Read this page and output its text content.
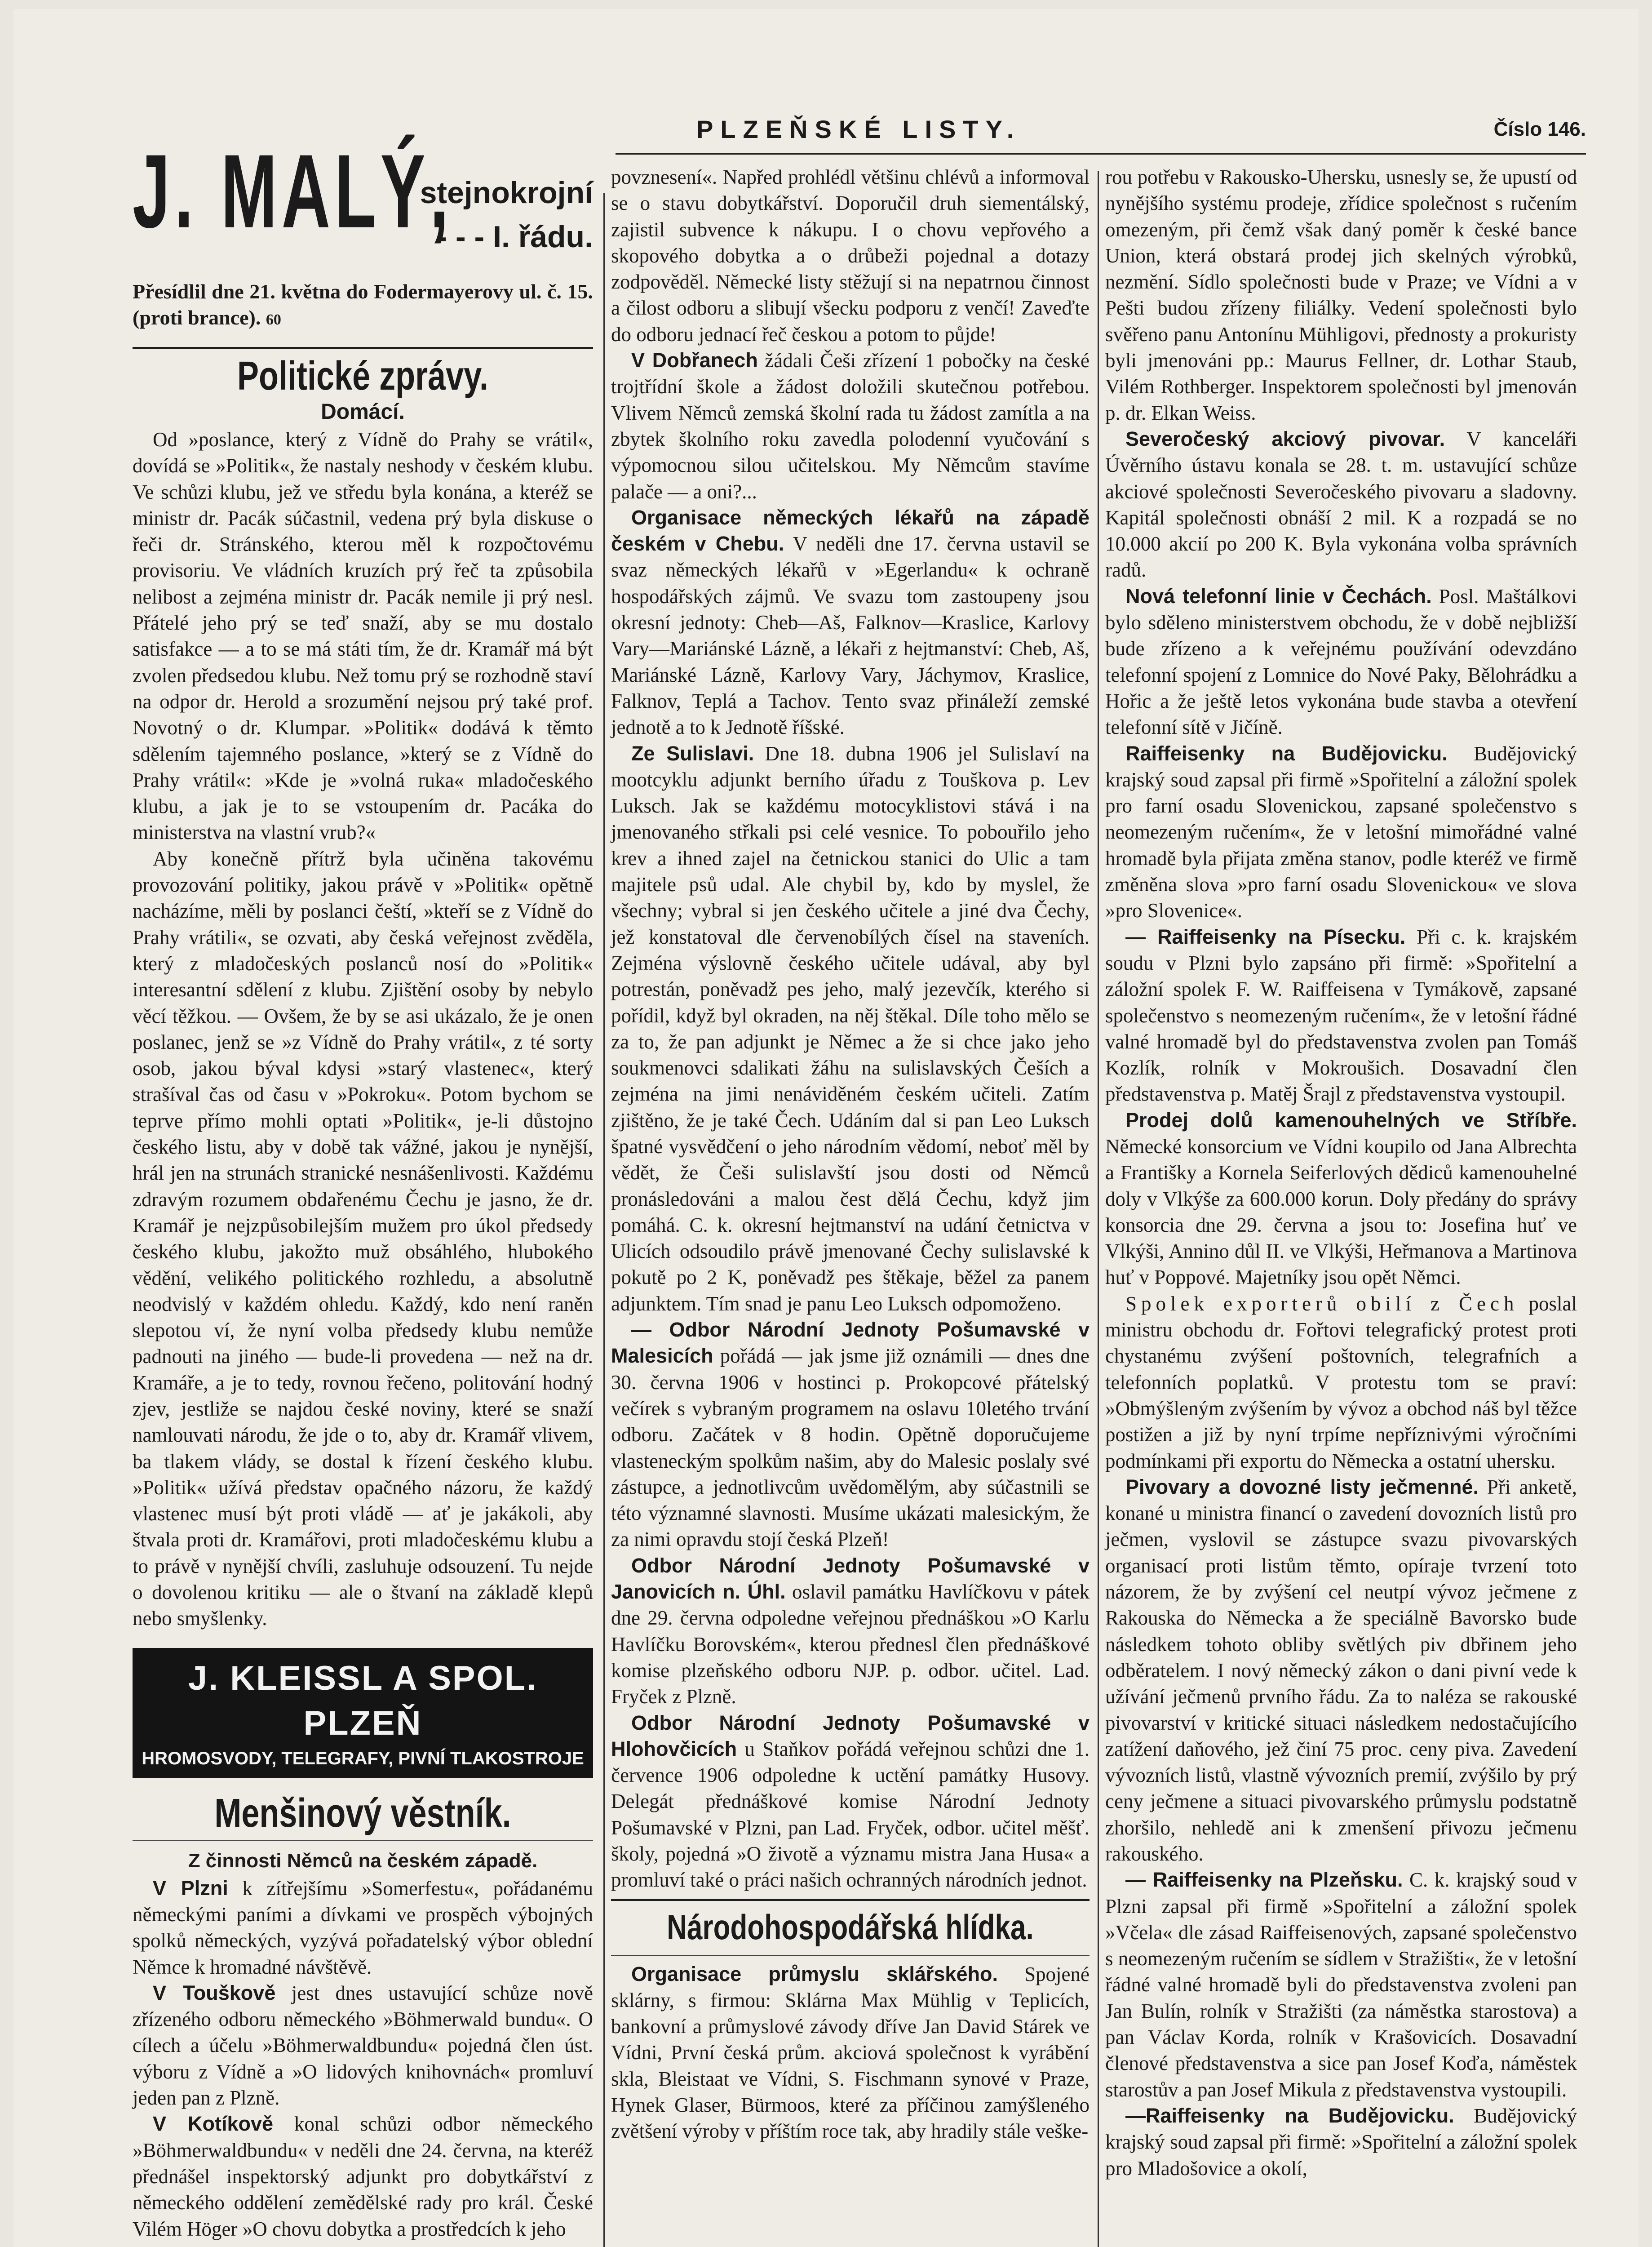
PLZEŇSKÉ LISTY.	Číslo 146.
J. MALÝ,
stejnokrojní
- - - I. řádu.
Přesídlil dne 21. května do Fodermayerovy ul. č. 15. (proti brance). 60
Politické zprávy.
Domácí.

Od »poslance, který z Vídně do Prahy se vrátil«, dovídá se »Politik«, že nastaly neshody v českém klubu. Ve schůzi klubu, jež ve středu byla konána, a kteréž se ministr dr. Pacák súčastnil, vedena prý byla diskuse o řeči dr. Stránského, kterou měl k rozpočtovému provisoriu. Ve vládních kruzích prý řeč ta způsobila nelibost a zejména ministr dr. Pacák nemile ji prý nesl. Přátelé jeho prý se teď snaží, aby se mu dostalo satisfakce — a to se má státi tím, že dr. Kramář má být zvolen předsedou klubu. Než tomu prý se rozhodně staví na odpor dr. Herold a srozumění nejsou prý také prof. Novotný o dr. Klumpar. »Politik« dodává k těmto sdělením tajemného poslance, »který se z Vídně do Prahy vrátil«: »Kde je »volná ruka« mladočeského klubu, a jak je to se vstoupením dr. Pacáka do ministerstva na vlastní vrub?«

Aby konečně přítrž byla učiněna takovému provozování politiky, jakou právě v »Politik« opětně nacházíme, měli by poslanci čeští, »kteří se z Vídně do Prahy vrátili«, se ozvati, aby česká veřejnost zvěděla, který z mladočeských poslanců nosí do »Politik« interesantní sdělení z klubu. Zjištění osoby by nebylo věcí těžkou. — Ovšem, že by se asi ukázalo, že je onen poslanec, jenž se »z Vídně do Prahy vrátil«, z té sorty osob, jakou býval kdysi »starý vlastenec«, který strašíval čas od času v »Pokroku«. Potom bychom se teprve přímo mohli optati »Politik«, je-li důstojno českého listu, aby v době tak vážné, jakou je nynější, hrál jen na strunách stranické nesnášenlivosti. Každému zdravým rozumem obdařenému Čechu je jasno, že dr. Kramář je nejzpůsobilejším mužem pro úkol předsedy českého klubu, jakožto muž obsáhlého, hlubokého vědění, velikého politického rozhledu, a absolutně neodvislý v každém ohledu. Každý, kdo není raněn slepotou ví, že nyní volba předsedy klubu nemůže padnouti na jiného — bude-li provedena — než na dr. Kramáře, a je to tedy, rovnou řečeno, politování hodný zjev, jestliže se najdou české noviny, které se snaží namlouvati národu, že jde o to, aby dr. Kramář vlivem, ba tlakem vlády, se dostal k řízení českého klubu. »Politik« užívá představ opačného názoru, že každý vlastenec musí být proti vládě — ať je jakákoli, aby štvala proti dr. Kramářovi, proti mladočeskému klubu a to právě v nynější chvíli, zasluhuje odsouzení. Tu nejde o dovolenou kritiku — ale o štvaní na základě klepů nebo smyšlenky.

J. KLEISSL A SPOL. PLZEŇ
HROMOSVODY, TELEGRAFY, PIVNÍ TLAKOSTROJE
Menšinový věstník.
Z činnosti Němců na českém západě.

V Plzni k zítřejšímu »Somerfestu«, pořádanému německými paními a dívkami ve prospěch výbojných spolků německých, vyzývá pořadatelský výbor oblední Němce k hromadné návštěvě.

V Touškově jest dnes ustavující schůze nově zřízeného odboru německého »Böhmerwald bundu«. O cílech a účelu »Böhmerwaldbundu« pojedná člen úst. výboru z Vídně a »O lidových knihovnách« promluví jeden pan z Plzně.

V Kotíkově konal schůzi odbor německého »Böhmerwaldbundu« v neděli dne 24. června, na kteréž přednášel inspektorský adjunkt pro dobytkářství z německého oddělení zemědělské rady pro král. České Vilém Höger »O chovu dobytka a prostředcích k jeho

povznesení«. Napřed prohlédl většinu chlévů a informoval se o stavu dobytkářství. Doporučil druh siementálský, zajistil subvence k nákupu. I o chovu vepřového a skopového dobytka a o drůbeži pojednal a dotazy zodpověděl. Německé listy stěžují si na nepatrnou činnost a čilost odboru a slibují všecku podporu z venčí! Zaveďte do odboru jednací řeč českou a potom to půjde!

V Dobřanech žádali Češi zřízení 1 pobočky na české trojtřídní škole a žádost doložili skutečnou potřebou. Vlivem Němců zemská školní rada tu žádost zamítla a na zbytek školního roku zavedla polodenní vyučování s výpomocnou silou učitelskou. My Němcům stavíme palače — a oni?...

Organisace německých lékařů na západě českém v Chebu. V neděli dne 17. června ustavil se svaz německých lékařů v »Egerlandu« k ochraně hospodářských zájmů. Ve svazu tom zastoupeny jsou okresní jednoty: Cheb—Aš, Falknov—Kraslice, Karlovy Vary—Mariánské Lázně, a lékaři z hejtmanství: Cheb, Aš, Mariánské Lázně, Karlovy Vary, Jáchymov, Kraslice, Falknov, Teplá a Tachov. Tento svaz přináleží zemské jednotě a to k Jednotě říšské.

Ze Sulislavi. Dne 18. dubna 1906 jel Sulislaví na mootcyklu adjunkt berního úřadu z Touškova p. Lev Luksch. Jak se každému motocyklistovi stává i na jmenovaného střkali psi celé vesnice. To pobouřilo jeho krev a ihned zajel na četnickou stanici do Ulic a tam majitele psů udal. Ale chybil by, kdo by myslel, že všechny; vybral si jen českého učitele a jiné dva Čechy, jež konstatoval dle červenobílých čísel na staveních. Zejména výslovně českého učitele udával, aby byl potrestán, poněvadž pes jeho, malý jezevčík, kterého si pořídil, když byl okraden, na něj štěkal. Díle toho mělo se za to, že pan adjunkt je Němec a že si chce jako jeho soukmenovci sdalikati žáhu na sulislavských Češích a zejména na jimi nenáviděném českém učiteli. Zatím zjištěno, že je také Čech. Udáním dal si pan Leo Luksch špatné vysvědčení o jeho národním vědomí, neboť měl by vědět, že Češi sulislavští jsou dosti od Němců pronásledováni a malou čest dělá Čechu, když jim pomáhá. C. k. okresní hejtmanství na udání četnictva v Ulicích odsoudilo právě jmenované Čechy sulislavské k pokutě po 2 K, poněvadž pes štěkaje, běžel za panem adjunktem. Tím snad je panu Leo Luksch odpomoženo.

— Odbor Národní Jednoty Pošumavské v Malesicích pořádá — jak jsme již oznámili — dnes dne 30. června 1906 v hostinci p. Prokopcové přátelský večírek s vybraným programem na oslavu 10letého trvání odboru. Začátek v 8 hodin. Opětně doporučujeme vlasteneckým spolkům našim, aby do Malesic poslaly své zástupce, a jednotlivcům uvědomělým, aby súčastnili se této významné slavnosti. Musíme ukázati malesickým, že za nimi opravdu stojí česká Plzeň!

Odbor Národní Jednoty Pošumavské v Janovicích n. Úhl. oslavil památku Havlíčkovu v pátek dne 29. června odpoledne veřejnou přednáškou »O Karlu Havlíčku Borovském«, kterou přednesl člen přednáškové komise plzeňského odboru NJP. p. odbor. učitel. Lad. Fryček z Plzně.

Odbor Národní Jednoty Pošumavské v Hlohovčicích u Staňkov pořádá veřejnou schůzi dne 1. července 1906 odpoledne k uctění památky Husovy. Delegát přednáškové komise Národní Jednoty Pošumavské v Plzni, pan Lad. Fryček, odbor. učitel měšť. školy, pojedná »O životě a významu mistra Jana Husa« a promluví také o práci našich ochranných národních jednot.

Národohospodářská hlídka.

Organisace průmyslu sklářského. Spojené sklárny, s firmou: Sklárna Max Mühlig v Teplicích, bankovní a průmyslové závody dříve Jan David Stárek ve Vídni, První česká prům. akciová společnost k vyrábění skla, Bleistaat ve Vídni, S. Fischmann synové v Praze, Hynek Glaser, Bürmoos, které za příčinou zamýšleného zvětšení výroby v příštím roce tak, aby hradily stále veške-

rou potřebu v Rakousko-Uhersku, usnesly se, že upustí od nynějšího systému prodeje, zřídice společnost s ručením omezeným, při čemž však daný poměr k české bance Union, která obstará prodej jich skelných výrobků, nezmění. Sídlo společnosti bude v Praze; ve Vídni a v Pešti budou zřízeny filiálky. Vedení společnosti bylo svěřeno panu Antonínu Mühligovi, přednosty a prokuristy byli jmenováni pp.: Maurus Fellner, dr. Lothar Staub, Vilém Rothberger. Inspektorem společnosti byl jmenován p. dr. Elkan Weiss.

Severočeský akciový pivovar. V kanceláři Úvěrního ústavu konala se 28. t. m. ustavující schůze akciové společnosti Severočeského pivovaru a sladovny. Kapitál společnosti obnáší 2 mil. K a rozpadá se no 10.000 akcií po 200 K. Byla vykonána volba správních radů.

Nová telefonní linie v Čechách. Posl. Maštálkovi bylo sděleno ministerstvem obchodu, že v době nejbližší bude zřízeno a k veřejnému používání odevzdáno telefonní spojení z Lomnice do Nové Paky, Bělohrádku a Hořic a že ještě letos vykonána bude stavba a otevření telefonní sítě v Jičíně.

Raiffeisenky na Budějovicku. Budějovický krajský soud zapsal při firmě »Spořitelní a záložní spolek pro farní osadu Slovenickou, zapsané společenstvo s neomezeným ručením«, že v letošní mimořádné valné hromadě byla přijata změna stanov, podle kteréž ve firmě změněna slova »pro farní osadu Slovenickou« ve slova »pro Slovenice«.

— Raiffeisenky na Písecku. Při c. k. krajském soudu v Plzni bylo zapsáno při firmě: »Spořitelní a záložní spolek F. W. Raiffeisena v Tymákově, zapsané společenstvo s neomezeným ručením«, že v letošní řádné valné hromadě byl do představenstva zvolen pan Tomáš Kozlík, rolník v Mokroušich. Dosavadní člen představenstva p. Matěj Šrajl z představenstva vystoupil.

Prodej dolů kamenouhelných ve Stříbře. Německé konsorcium ve Vídni koupilo od Jana Albrechta a Františky a Kornela Seiferlových dědiců kamenouhelné doly v Vlkýše za 600.000 korun. Doly předány do správy konsorcia dne 29. června a jsou to: Josefina huť ve Vlkýši, Annino důl II. ve Vlkýši, Heřmanova a Martinova huť v Poppové. Majetníky jsou opět Němci.

Spolek exporterů obilí z Čech poslal ministru obchodu dr. Fořtovi telegrafický protest proti chystanému zvýšení poštovních, telegrafních a telefonních poplatků. V protestu tom se praví: »Obmýšleným zvýšením by vývoz a obchod náš byl těžce postižen a již by nyní trpíme nepříznivými výročními podmínkami při exportu do Německa a ostatní uhersku.

Pivovary a dovozné listy ječmenné. Při anketě, konané u ministra financí o zavedení dovozních listů pro ječmen, vyslovil se zástupce svazu pivovarských organisací proti listům těmto, opíraje tvrzení toto názorem, že by zvýšení cel neutpí vývoz ječmene z Rakouska do Německa a že speciálně Bavorsko bude následkem tohoto obliby světlých piv dbřinem jeho odběratelem. I nový německý zákon o dani pivní vede k užívání ječmenů prvního řádu. Za to naléza se rakouské pivovarství v kritické situaci následkem nedostačujícího zatížení daňového, jež činí 75 proc. ceny piva. Zavedení vývozních listů, vlastně vývozních premií, zvýšilo by prý ceny ječmene a situaci pivovarského průmyslu podstatně zhoršilo, nehledě ani k zmenšení přivozu ječmenu rakouského.

— Raiffeisenky na Plzeňsku. C. k. krajský soud v Plzni zapsal při firmě »Spořitelní a záložní spolek »Včela« dle zásad Raiffeisenových, zapsané společenstvo s neomezeným ručením se sídlem v Stražišti«, že v letošní řádné valné hromadě byli do představenstva zvoleni pan Jan Bulín, rolník v Stražišti (za náměstka starostova) a pan Václav Korda, rolník v Krašovicích. Dosavadní členové představenstva a sice pan Josef Koďa, náměstek starostův a pan Josef Mikula z představenstva vystoupili.

—Raiffeisenky na Budějovicku. Budějovický krajský soud zapsal při firmě: »Spořitelní a záložní spolek pro Mladošovice a okolí,
